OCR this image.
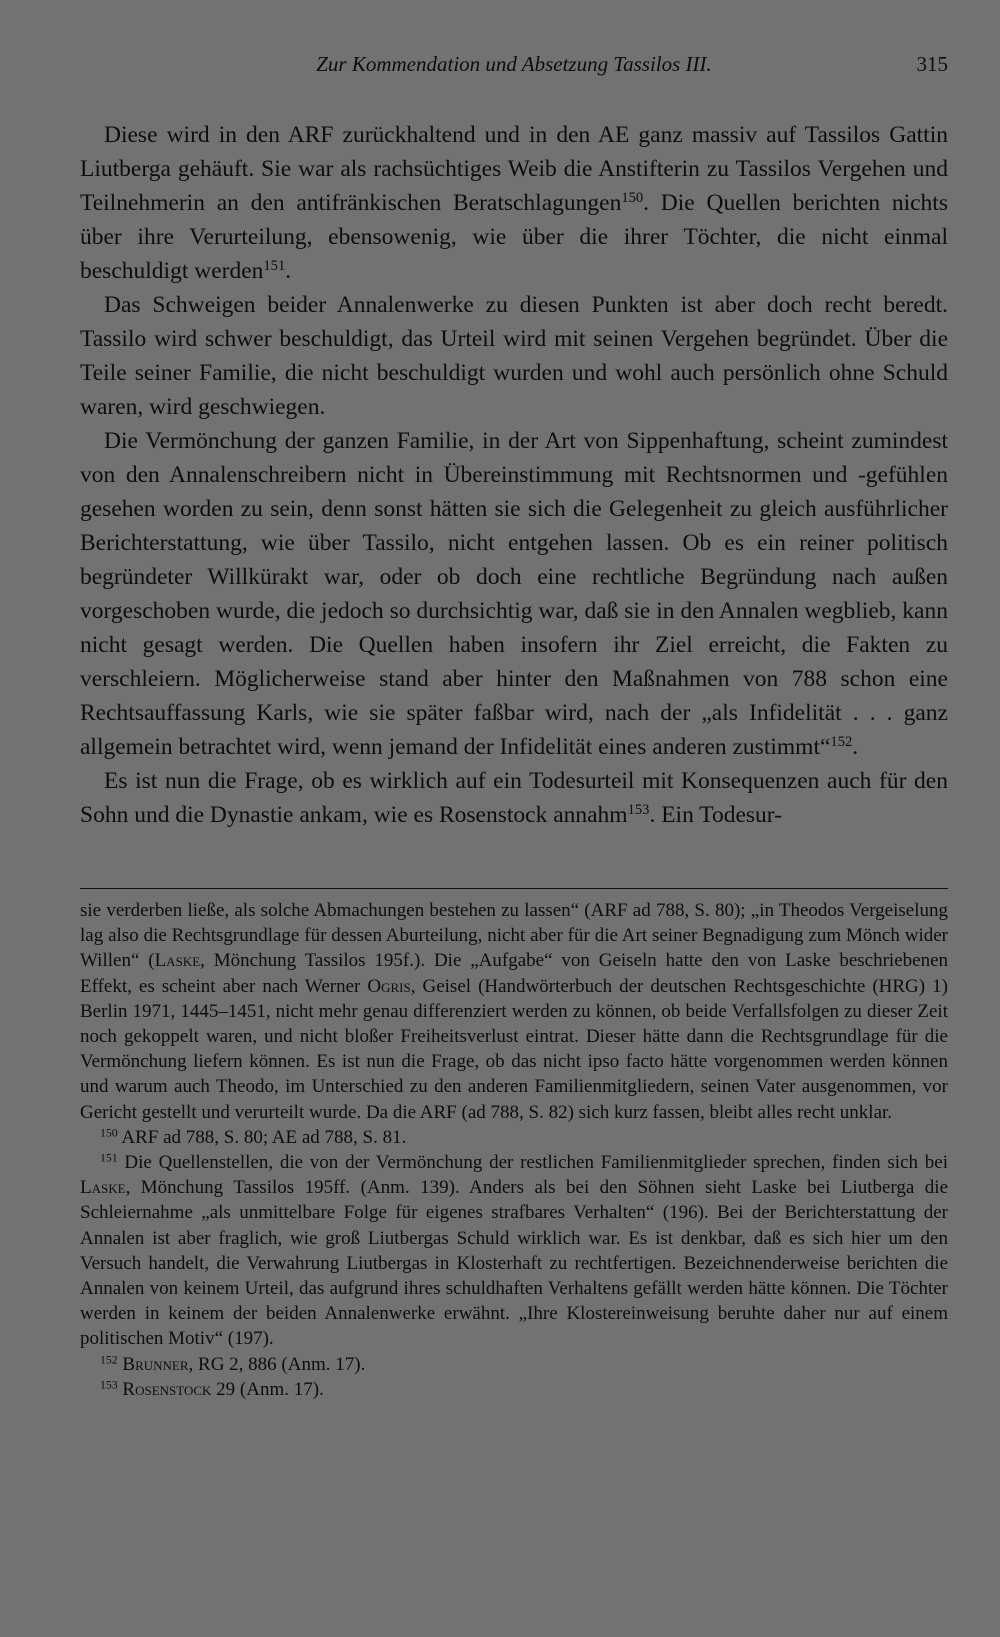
Zur Kommendation und Absetzung Tassilos III.	315

Diese wird in den ARF zurückhaltend und in den AE ganz massiv auf Tassilos Gattin Liutberga gehäuft. Sie war als rachsüchtiges Weib die Anstifterin zu Tassilos Vergehen und Teilnehmerin an den antifränkischen Beratschlagungen$^{150}$. Die Quellen berichten nichts über ihre Verurteilung, ebensowenig, wie über die ihrer Töchter, die nicht einmal beschuldigt werden$^{151}$.

Das Schweigen beider Annalenwerke zu diesen Punkten ist aber doch recht beredt. Tassilo wird schwer beschuldigt, das Urteil wird mit seinen Vergehen begründet. Über die Teile seiner Familie, die nicht beschuldigt wurden und wohl auch persönlich ohne Schuld waren, wird geschwiegen.

Die Vermönchung der ganzen Familie, in der Art von Sippenhaftung, scheint zumindest von den Annalenschreibern nicht in Übereinstimmung mit Rechtsnormen und -gefühlen gesehen worden zu sein, denn sonst hätten sie sich die Gelegenheit zu gleich ausführlicher Berichterstattung, wie über Tassilo, nicht entgehen lassen. Ob es ein reiner politisch begründeter Willkürakt war, oder ob doch eine rechtliche Begründung nach außen vorgeschoben wurde, die jedoch so durchsichtig war, daß sie in den Annalen wegblieb, kann nicht gesagt werden. Die Quellen haben insofern ihr Ziel erreicht, die Fakten zu verschleiern. Möglicherweise stand aber hinter den Maßnahmen von 788 schon eine Rechtsauffassung Karls, wie sie später faßbar wird, nach der „als Infidelität . . . ganz allgemein betrachtet wird, wenn jemand der Infidelität eines anderen zustimmt“$^{152}$.

Es ist nun die Frage, ob es wirklich auf ein Todesurteil mit Konsequenzen auch für den Sohn und die Dynastie ankam, wie es Rosenstock annahm$^{153}$. Ein Todesur-

sie verderben ließe, als solche Abmachungen bestehen zu lassen“ (ARF ad 788, S. 80); „in Theodos Vergeiselung lag also die Rechtsgrundlage für dessen Aburteilung, nicht aber für die Art seiner Begnadigung zum Mönch wider Willen“ (Laske, Mönchung Tassilos 195f.). Die „Aufgabe“ von Geiseln hatte den von Laske beschriebenen Effekt, es scheint aber nach Werner Ogris, Geisel (Handwörterbuch der deutschen Rechtsgeschichte (HRG) 1) Berlin 1971, 1445–1451, nicht mehr genau differenziert werden zu können, ob beide Verfallsfolgen zu dieser Zeit noch gekoppelt waren, und nicht bloßer Freiheitsverlust eintrat. Dieser hätte dann die Rechtsgrundlage für die Vermönchung liefern können. Es ist nun die Frage, ob das nicht ipso facto hätte vorgenommen werden können und warum auch Theodo, im Unterschied zu den anderen Familienmitgliedern, seinen Vater ausgenommen, vor Gericht gestellt und verurteilt wurde. Da die ARF (ad 788, S. 82) sich kurz fassen, bleibt alles recht unklar.

$^{150}$ ARF ad 788, S. 80; AE ad 788, S. 81.

$^{151}$ Die Quellenstellen, die von der Vermönchung der restlichen Familienmitglieder sprechen, finden sich bei Laske, Mönchung Tassilos 195ff. (Anm. 139). Anders als bei den Söhnen sieht Laske bei Liutberga die Schleiernahme „als unmittelbare Folge für eigenes strafbares Verhalten“ (196). Bei der Berichterstattung der Annalen ist aber fraglich, wie groß Liutbergas Schuld wirklich war. Es ist denkbar, daß es sich hier um den Versuch handelt, die Verwahrung Liutbergas in Klosterhaft zu rechtfertigen. Bezeichnenderweise berichten die Annalen von keinem Urteil, das aufgrund ihres schuldhaften Verhaltens gefällt werden hätte können. Die Töchter werden in keinem der beiden Annalenwerke erwähnt. „Ihre Klostereinweisung beruhte daher nur auf einem politischen Motiv“ (197).

$^{152}$ Brunner, RG 2, 886 (Anm. 17).

$^{153}$ Rosenstock 29 (Anm. 17).
